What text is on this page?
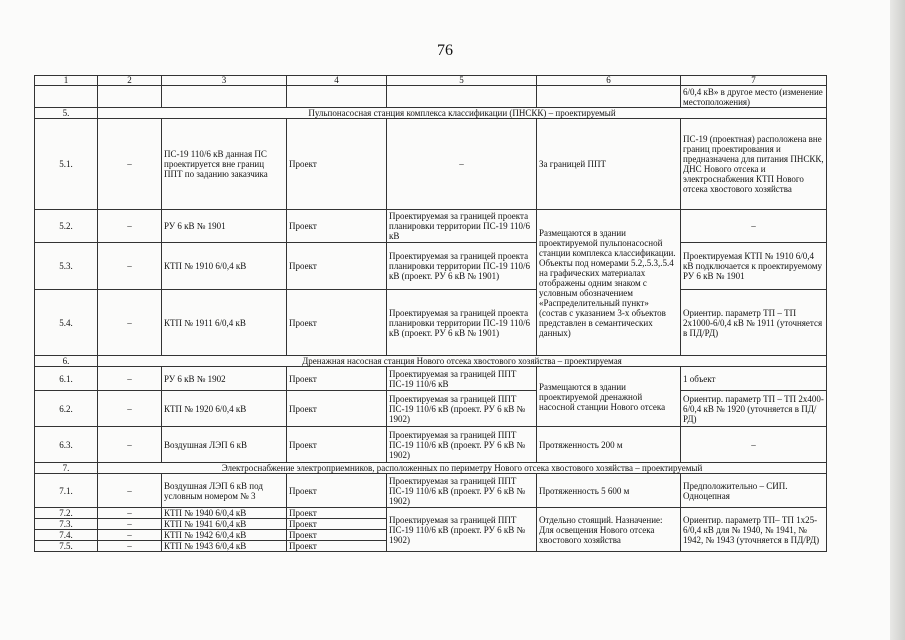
76
1	2	3	4	5	6	7
						6/0,4 кВ» в другое место (изменение местоположения)
5.	Пульпонасосная станция комплекса классификации (ПНСКК) – проектируемый					
5.1.	–	ПС-19 110/6 кВ данная ПС проектируется вне границ ППТ по заданию заказчика	Проект	–	За границей ППТ	ПС-19 (проектная) расположена вне границ проектирования и предназначена для питания ПНСКК, ДНС Нового отсека и электроснабжения КТП Нового отсека хвостового хозяйства
5.2.	–	РУ 6 кВ № 1901	Проект	Проектируемая за границей проекта планировки территории ПС-19 110/6 кВ	Размещаются в здании проектируемой пульпонасосной станции комплекса классификации. Объекты под номерами 5.2,.5.3,.5.4 на графических материалах отображены одним знаком с условным обозначением «Распределительный пункт» (состав с указанием 3-х объектов представлен в семантических данных)	–
5.3.	–	КТП № 1910 6/0,4 кВ	Проект	Проектируемая за границей проекта планировки территории ПС-19 110/6 кВ (проект. РУ 6 кВ № 1901)		Проектируемая КТП № 1910 6/0,4 кВ подключается к проектируемому РУ 6 кВ № 1901
5.4.	–	КТП № 1911 6/0,4 кВ	Проект	Проектируемая за границей проекта планировки территории ПС-19 110/6 кВ (проект. РУ 6 кВ № 1901)		Ориентир. параметр ТП – ТП 2х1000-6/0,4 кВ № 1911 (уточняется в ПД/РД)
6.	Дренажная насосная станция Нового отсека хвостового хозяйства – проектируемая					
6.1.	–	РУ 6 кВ № 1902	Проект	Проектируемая за границей ППТ ПС-19 110/6 кВ	Размещаются в здании проектируемой дренажной насосной станции Нового отсека	1 объект
6.2.	–	КТП № 1920 6/0,4 кВ	Проект	Проектируемая за границей ППТ ПС-19 110/6 кВ (проект. РУ 6 кВ № 1902)		Ориентир. параметр ТП – ТП 2х400-6/0,4 кВ № 1920 (уточняется в ПД/РД)
6.3.	–	Воздушная ЛЭП 6 кВ	Проект	Проектируемая за границей ППТ ПС-19 110/6 кВ (проект. РУ 6 кВ № 1902)	Протяженность 200 м	–
7.	Электроснабжение электроприемников, расположенных по периметру Нового отсека хвостового хозяйства – проектируемый					
7.1.	–	Воздушная ЛЭП 6 кВ под условным номером № 3	Проект	Проектируемая за границей ППТ ПС-19 110/6 кВ (проект. РУ 6 кВ № 1902)	Протяженность 5 600 м	Предположительно – СИП. Одноцепная
7.2.	–	КТП № 1940 6/0,4 кВ	Проект	Проектируемая за границей ППТ ПС-19 110/6 кВ (проект. РУ 6 кВ № 1902)	Отдельно стоящий. Назначение: Для освещения Нового отсека хвостового хозяйства	Ориентир. параметр ТП– ТП 1х25-6/0,4 кВ для № 1940, № 1941, № 1942, № 1943 (уточняется в ПД/РД)
7.3.	–	КТП № 1941 6/0,4 кВ	Проект			
7.4.	–	КТП № 1942 6/0,4 кВ	Проект			
7.5.	–	КТП № 1943 6/0,4 кВ	Проект			
